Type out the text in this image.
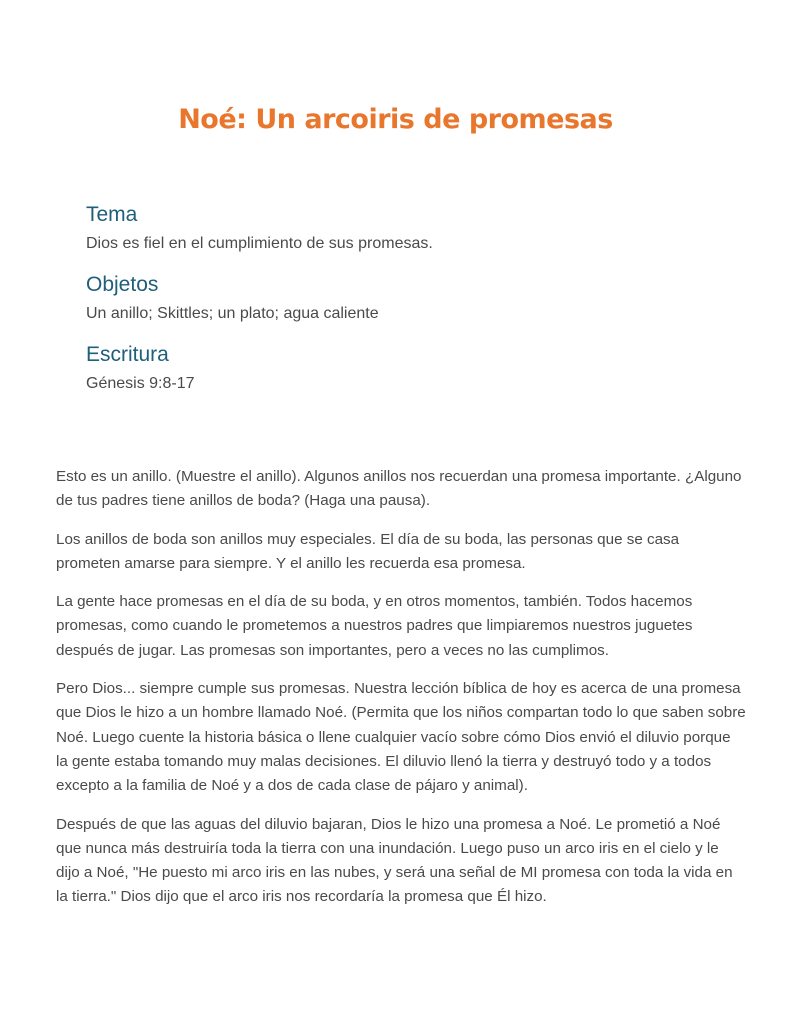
Noé: Un arcoiris de promesas
Tema

Dios es fiel en el cumplimiento de sus promesas.

Objetos

Un anillo; Skittles; un plato; agua caliente

Escritura

Génesis 9:8-17

Esto es un anillo. (Muestre el anillo). Algunos anillos nos recuerdan una promesa importante. ¿Alguno de tus padres tiene anillos de boda? (Haga una pausa).

Los anillos de boda son anillos muy especiales. El día de su boda, las personas que se casa prometen amarse para siempre. Y el anillo les recuerda esa promesa.

La gente hace promesas en el día de su boda, y en otros momentos, también. Todos hacemos promesas, como cuando le prometemos a nuestros padres que limpiaremos nuestros juguetes después de jugar. Las promesas son importantes, pero a veces no las cumplimos.

Pero Dios... siempre cumple sus promesas. Nuestra lección bíblica de hoy es acerca de una promesa que Dios le hizo a un hombre llamado Noé. (Permita que los niños compartan todo lo que saben sobre Noé. Luego cuente la historia básica o llene cualquier vacío sobre cómo Dios envió el diluvio porque la gente estaba tomando muy malas decisiones. El diluvio llenó la tierra y destruyó todo y a todos excepto a la familia de Noé y a dos de cada clase de pájaro y animal).

Después de que las aguas del diluvio bajaran, Dios le hizo una promesa a Noé. Le prometió a Noé que nunca más destruiría toda la tierra con una inundación. Luego puso un arco iris en el cielo y le dijo a Noé, "He puesto mi arco iris en las nubes, y será una señal de MI promesa con toda la vida en la tierra." Dios dijo que el arco iris nos recordaría la promesa que Él hizo.
